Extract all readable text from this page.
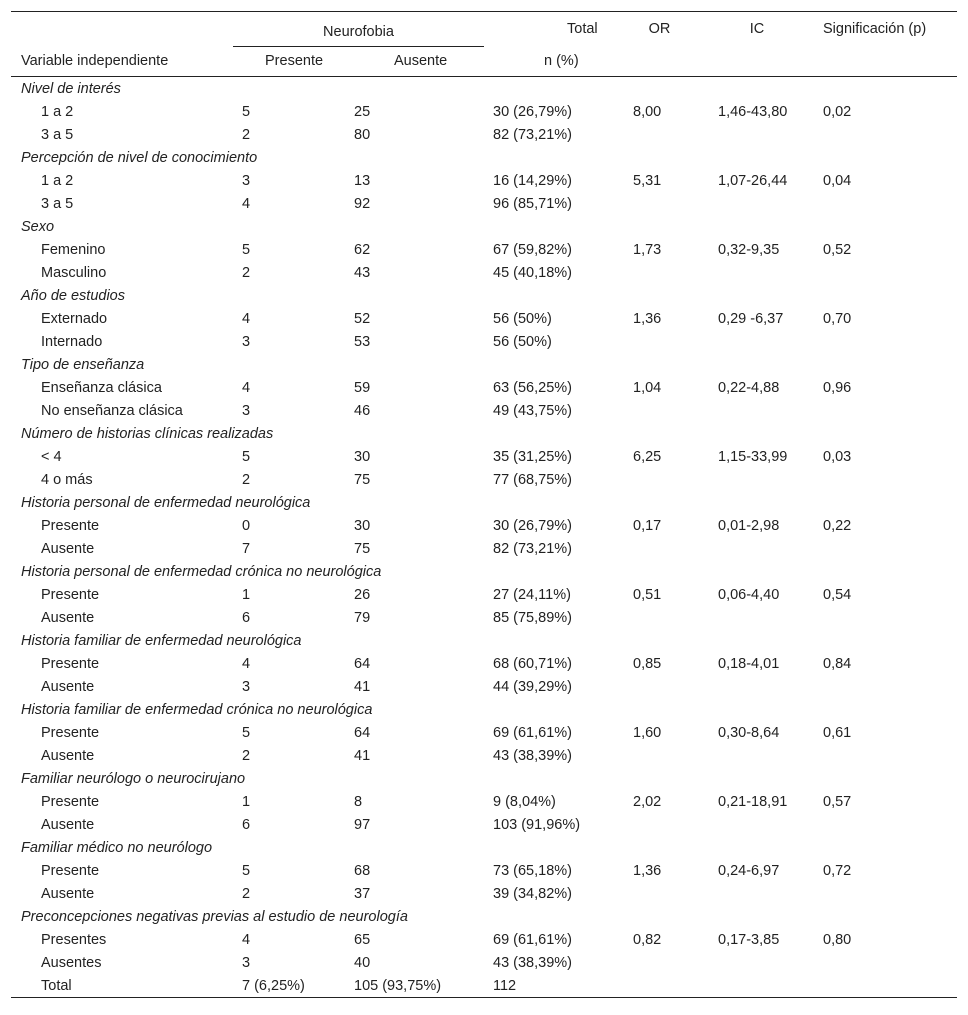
	Neurofobia		Total	OR	IC	Significación (p)
Variable independiente	Presente	Ausente	n (%)			
Nivel de interés						
1 a 2	5	25	30 (26,79%)	8,00	1,46-43,80	0,02
3 a 5	2	80	82 (73,21%)			
Percepción de nivel de conocimiento						
1 a 2	3	13	16 (14,29%)	5,31	1,07-26,44	0,04
3 a 5	4	92	96 (85,71%)			
Sexo						
Femenino	5	62	67 (59,82%)	1,73	0,32-9,35	0,52
Masculino	2	43	45 (40,18%)			
Año de estudios						
Externado	4	52	56 (50%)	1,36	0,29 -6,37	0,70
Internado	3	53	56 (50%)			
Tipo de enseñanza						
Enseñanza clásica	4	59	63 (56,25%)	1,04	0,22-4,88	0,96
No enseñanza clásica	3	46	49 (43,75%)			
Número de historias clínicas realizadas						
< 4	5	30	35 (31,25%)	6,25	1,15-33,99	0,03
4 o más	2	75	77 (68,75%)			
Historia personal de enfermedad neurológica						
Presente	0	30	30 (26,79%)	0,17	0,01-2,98	0,22
Ausente	7	75	82 (73,21%)			
Historia personal de enfermedad crónica no neurológica						
Presente	1	26	27 (24,11%)	0,51	0,06-4,40	0,54
Ausente	6	79	85 (75,89%)			
Historia familiar de enfermedad neurológica						
Presente	4	64	68 (60,71%)	0,85	0,18-4,01	0,84
Ausente	3	41	44 (39,29%)			
Historia familiar de enfermedad crónica no neurológica						
Presente	5	64	69 (61,61%)	1,60	0,30-8,64	0,61
Ausente	2	41	43 (38,39%)			
Familiar neurólogo o neurocirujano						
Presente	1	8	9 (8,04%)	2,02	0,21-18,91	0,57
Ausente	6	97	103 (91,96%)			
Familiar médico no neurólogo						
Presente	5	68	73 (65,18%)	1,36	0,24-6,97	0,72
Ausente	2	37	39 (34,82%)			
Preconcepciones negativas previas al estudio de neurología						
Presentes	4	65	69 (61,61%)	0,82	0,17-3,85	0,80
Ausentes	3	40	43 (38,39%)			
Total	7 (6,25%)	105 (93,75%)	112			
